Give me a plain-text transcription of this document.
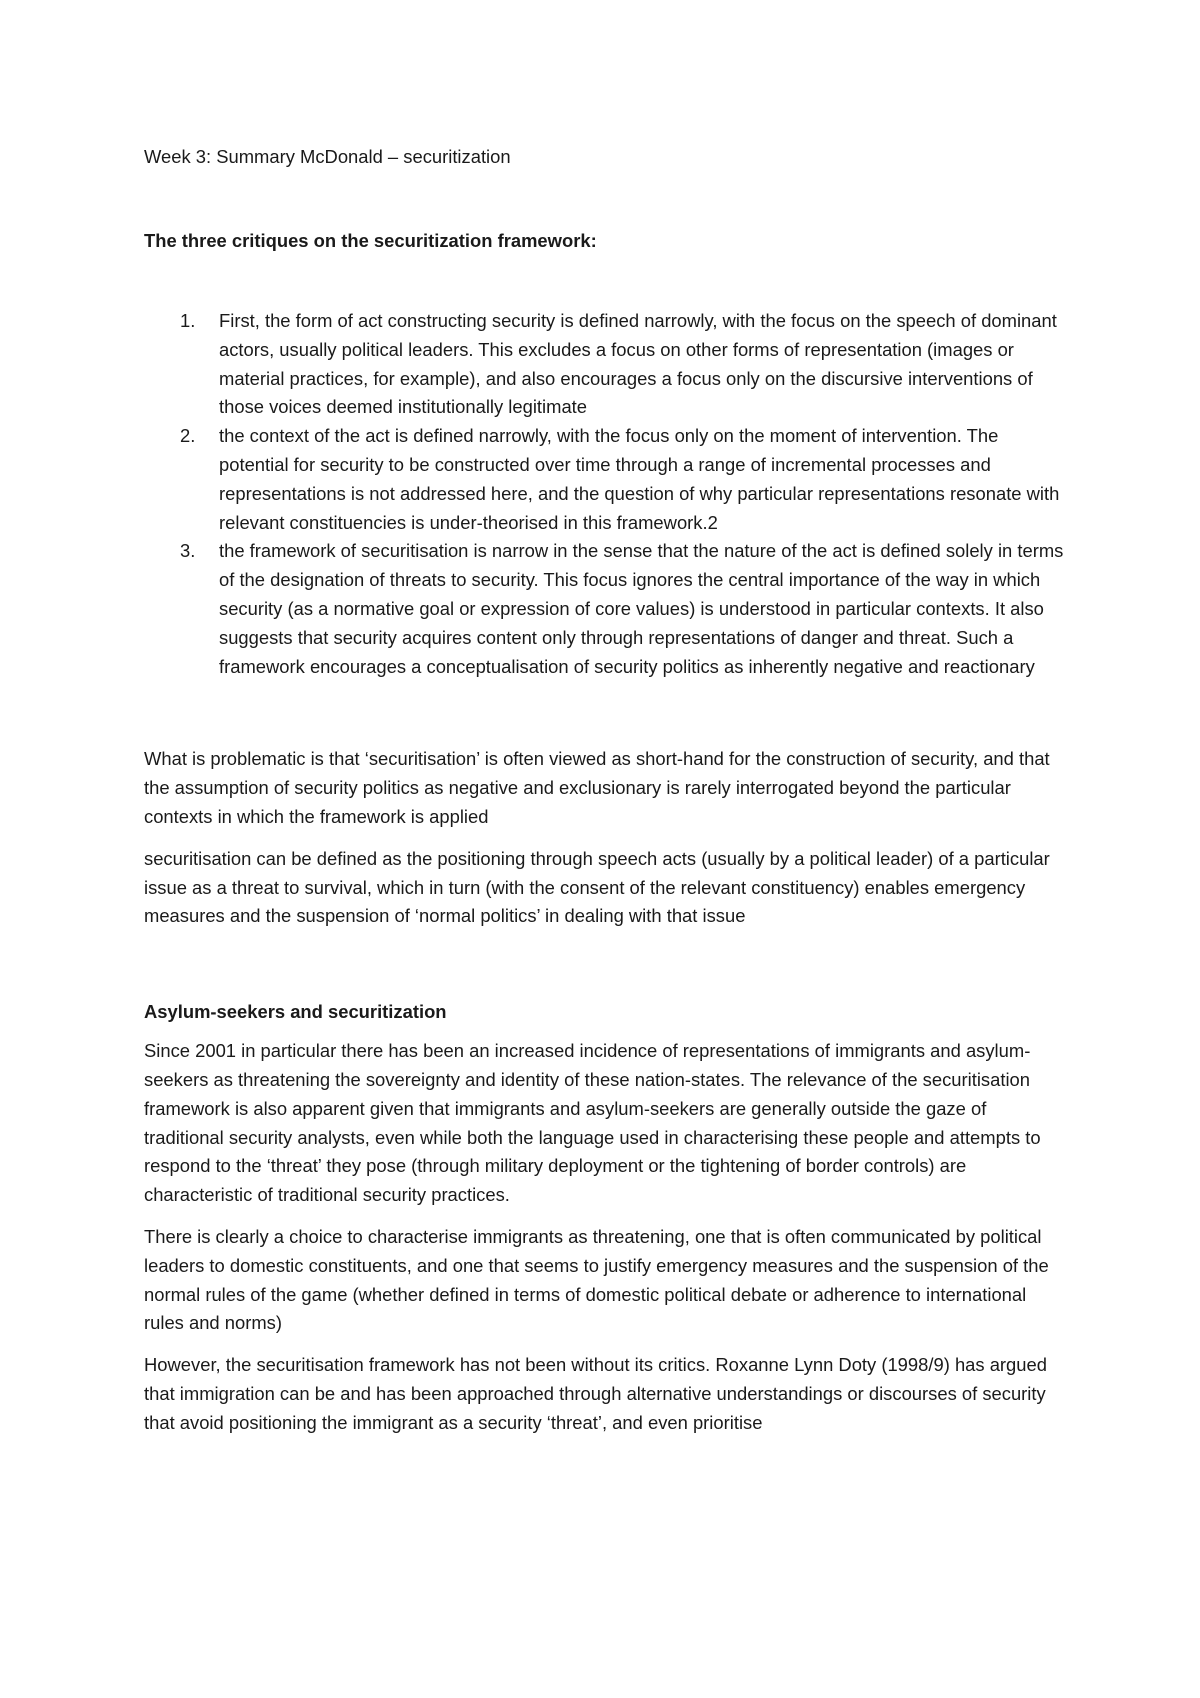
Week 3: Summary McDonald – securitization

The three critiques on the securitization framework:

1. First, the form of act constructing security is defined narrowly, with the focus on the speech of dominant actors, usually political leaders. This excludes a focus on other forms of representation (images or material practices, for example), and also encourages a focus only on the discursive interventions of those voices deemed institutionally legitimate
2. the context of the act is defined narrowly, with the focus only on the moment of intervention. The potential for security to be constructed over time through a range of incremental processes and representations is not addressed here, and the question of why particular representations resonate with relevant constituencies is under-theorised in this framework.2
3. the framework of securitisation is narrow in the sense that the nature of the act is defined solely in terms of the designation of threats to security. This focus ignores the central importance of the way in which security (as a normative goal or expression of core values) is understood in particular contexts. It also suggests that security acquires content only through representations of danger and threat. Such a framework encourages a conceptualisation of security politics as inherently negative and reactionary

What is problematic is that ‘securitisation’ is often viewed as short-hand for the construction of security, and that the assumption of security politics as negative and exclusionary is rarely interrogated beyond the particular contexts in which the framework is applied

securitisation can be defined as the positioning through speech acts (usually by a political leader) of a particular issue as a threat to survival, which in turn (with the consent of the relevant constituency) enables emergency measures and the suspension of ‘normal politics’ in dealing with that issue

Asylum-seekers and securitization

Since 2001 in particular there has been an increased incidence of representations of immigrants and asylum-seekers as threatening the sovereignty and identity of these nation-states. The relevance of the securitisation framework is also apparent given that immigrants and asylum-seekers are generally outside the gaze of traditional security analysts, even while both the language used in characterising these people and attempts to respond to the ‘threat’ they pose (through military deployment or the tightening of border controls) are characteristic of traditional security practices.

There is clearly a choice to characterise immigrants as threatening, one that is often communicated by political leaders to domestic constituents, and one that seems to justify emergency measures and the suspension of the normal rules of the game (whether defined in terms of domestic political debate or adherence to international rules and norms)

However, the securitisation framework has not been without its critics. Roxanne Lynn Doty (1998/9) has argued that immigration can be and has been approached through alternative understandings or discourses of security that avoid positioning the immigrant as a security ‘threat’, and even prioritise
